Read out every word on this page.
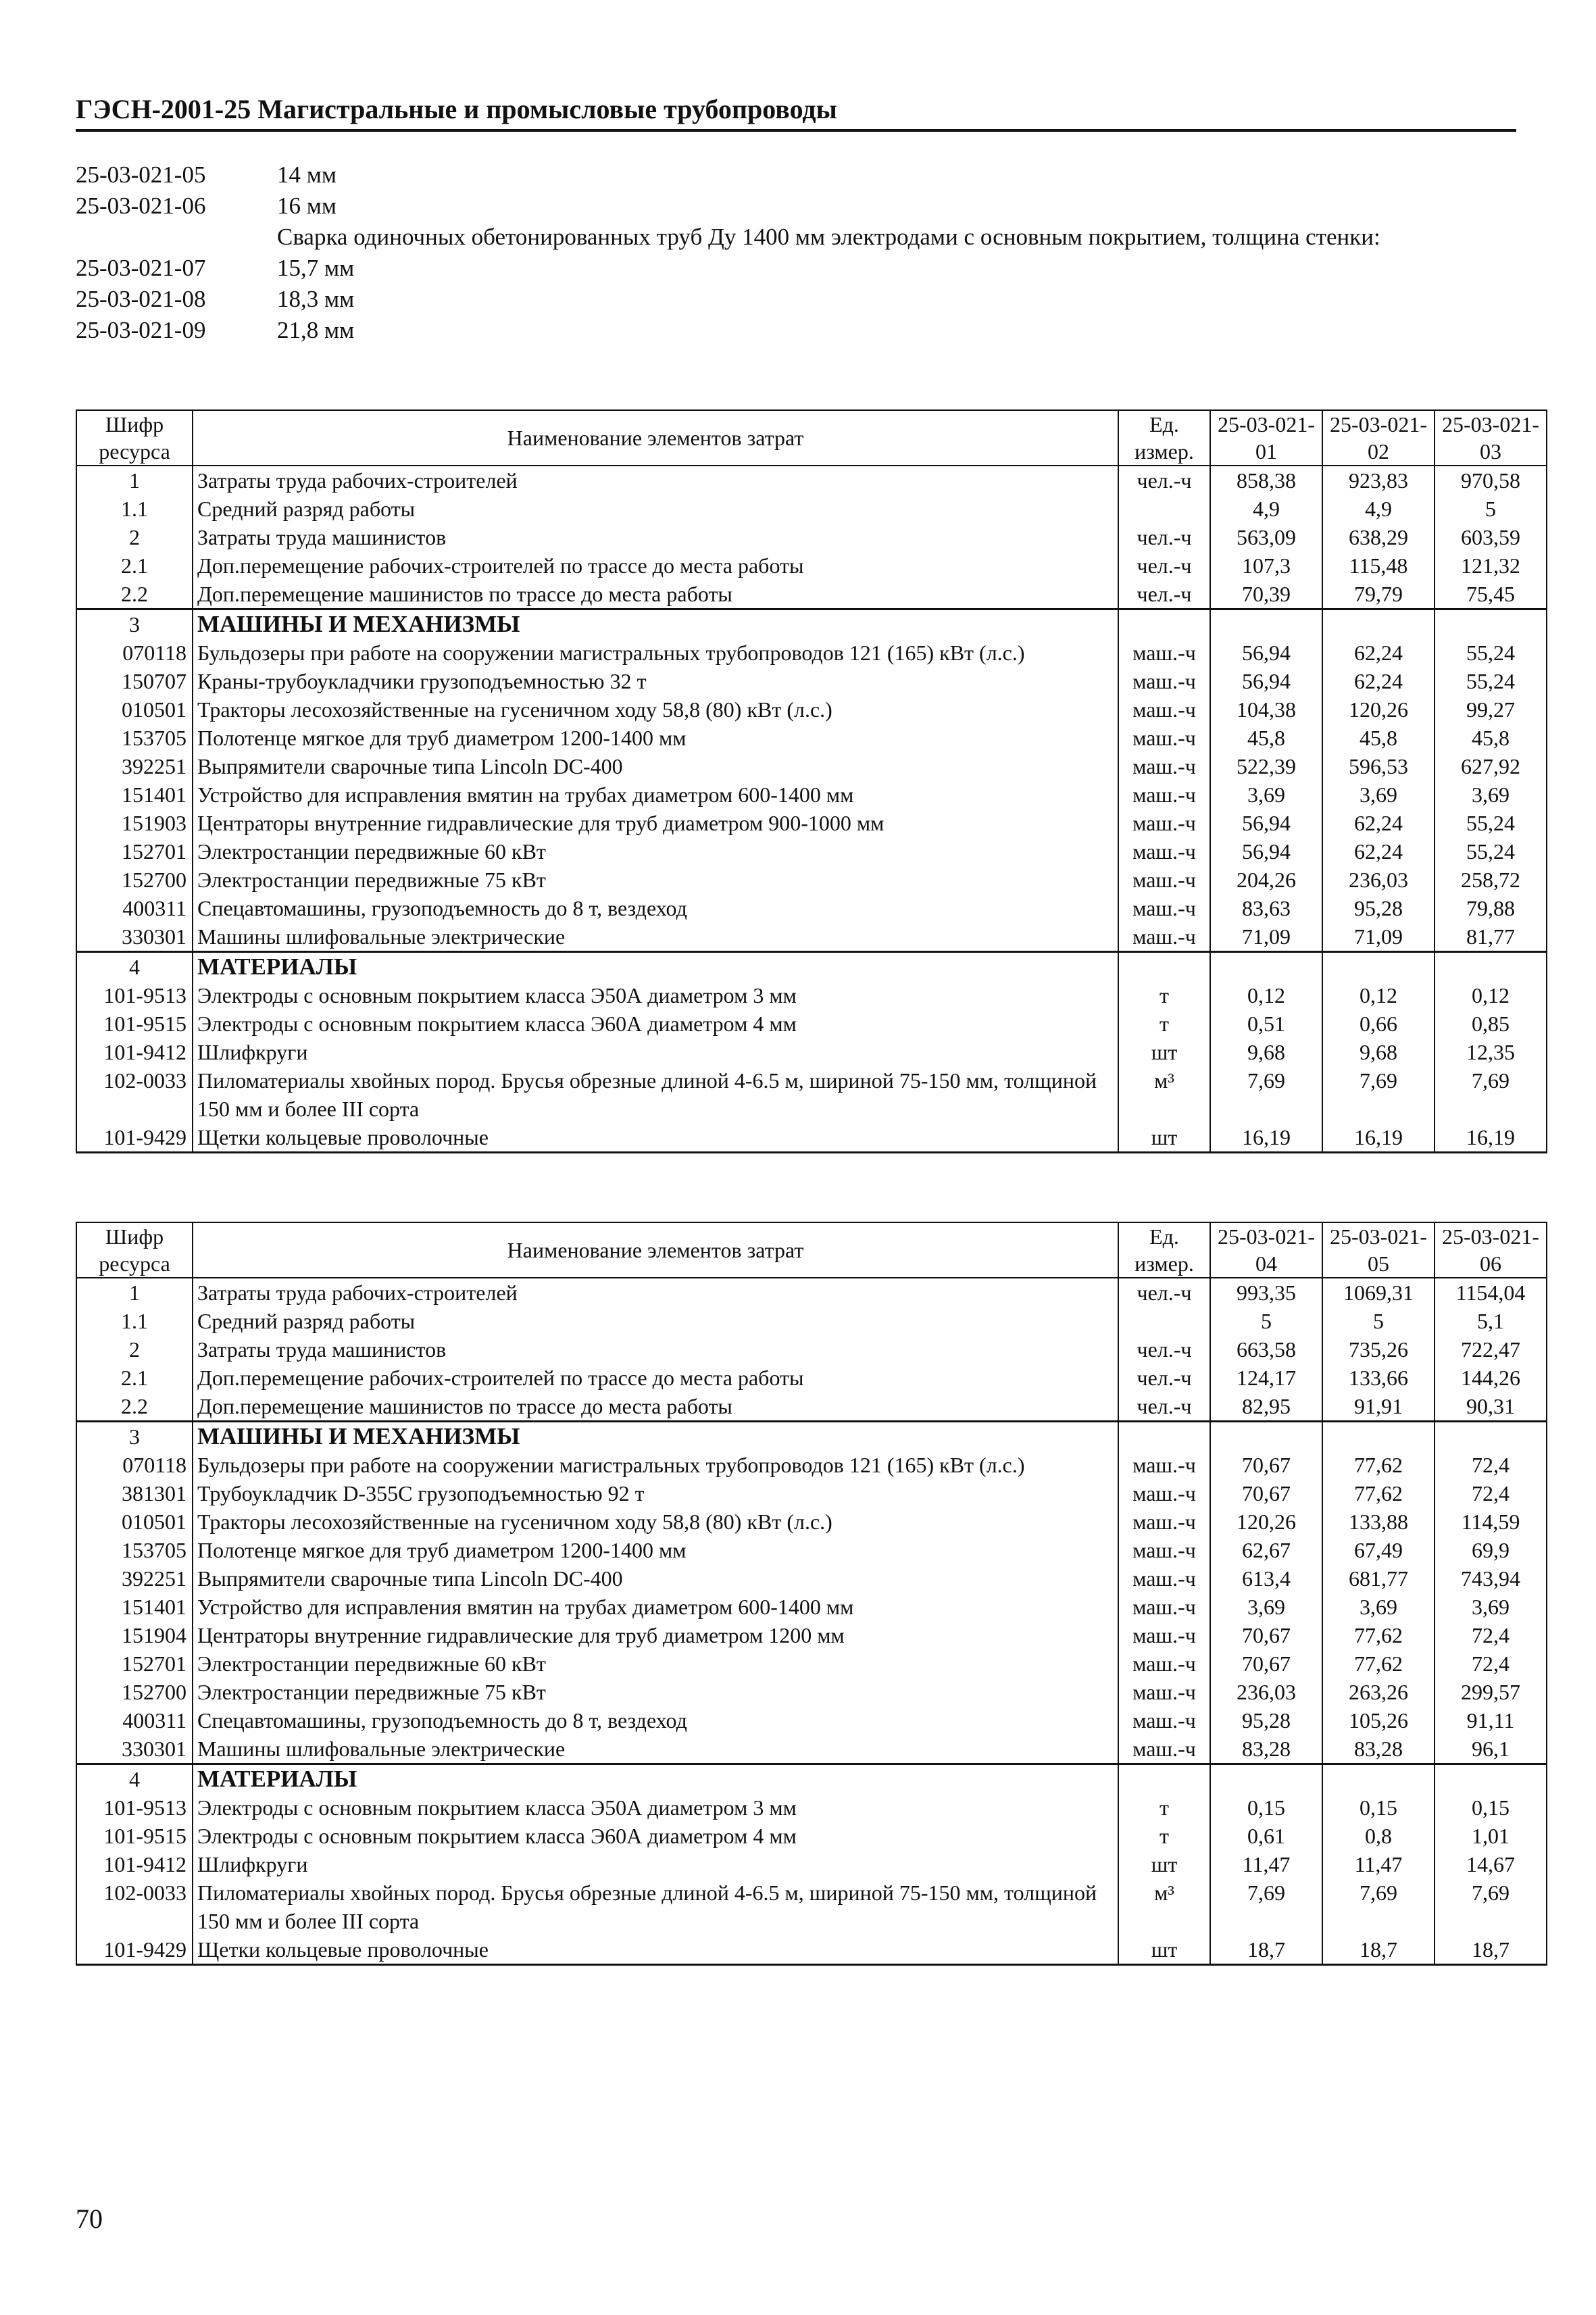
ГЭСН-2001-25 Магистральные и промысловые трубопроводы
25-03-021-05	14 мм
25-03-021-06	16 мм
Сварка одиночных обетонированных труб Ду 1400 мм электродами с основным покрытием, толщина стенки:
25-03-021-07	15,7 мм
25-03-021-08	18,3 мм
25-03-021-09	21,8 мм
Шифр ресурса	Наименование элементов затрат	Ед. измер.	25-03-021-01	25-03-021-02	25-03-021-03
1	Затраты труда рабочих-строителей	чел.-ч	858,38	923,83	970,58
1.1	Средний разряд работы		4,9	4,9	5
2	Затраты труда машинистов	чел.-ч	563,09	638,29	603,59
2.1	Доп.перемещение рабочих-строителей по трассе до места работы	чел.-ч	107,3	115,48	121,32
2.2	Доп.перемещение машинистов по трассе до места работы	чел.-ч	70,39	79,79	75,45
3	МАШИНЫ И МЕХАНИЗМЫ				
070118	Бульдозеры при работе на сооружении магистральных трубопроводов 121 (165) кВт (л.с.)	маш.-ч	56,94	62,24	55,24
150707	Краны-трубоукладчики грузоподъемностью 32 т	маш.-ч	56,94	62,24	55,24
010501	Тракторы лесохозяйственные на гусеничном ходу 58,8 (80) кВт (л.с.)	маш.-ч	104,38	120,26	99,27
153705	Полотенце мягкое для труб диаметром 1200-1400 мм	маш.-ч	45,8	45,8	45,8
392251	Выпрямители сварочные типа Lincoln DC-400	маш.-ч	522,39	596,53	627,92
151401	Устройство для исправления вмятин на трубах диаметром 600-1400 мм	маш.-ч	3,69	3,69	3,69
151903	Центраторы внутренние гидравлические для труб диаметром 900-1000 мм	маш.-ч	56,94	62,24	55,24
152701	Электростанции передвижные 60 кВт	маш.-ч	56,94	62,24	55,24
152700	Электростанции передвижные 75 кВт	маш.-ч	204,26	236,03	258,72
400311	Спецавтомашины, грузоподъемность до 8 т, вездеход	маш.-ч	83,63	95,28	79,88
330301	Машины шлифовальные электрические	маш.-ч	71,09	71,09	81,77
4	МАТЕРИАЛЫ				
101-9513	Электроды с основным покрытием класса Э50А диаметром 3 мм	т	0,12	0,12	0,12
101-9515	Электроды с основным покрытием класса Э60А диаметром 4 мм	т	0,51	0,66	0,85
101-9412	Шлифкруги	шт	9,68	9,68	12,35
102-0033	Пиломатериалы хвойных пород. Брусья обрезные длиной 4-6.5 м, шириной 75-150 мм, толщиной 150 мм и более III сорта	м³	7,69	7,69	7,69
101-9429	Щетки кольцевые проволочные	шт	16,19	16,19	16,19
Шифр ресурса	Наименование элементов затрат	Ед. измер.	25-03-021-04	25-03-021-05	25-03-021-06
1	Затраты труда рабочих-строителей	чел.-ч	993,35	1069,31	1154,04
1.1	Средний разряд работы		5	5	5,1
2	Затраты труда машинистов	чел.-ч	663,58	735,26	722,47
2.1	Доп.перемещение рабочих-строителей по трассе до места работы	чел.-ч	124,17	133,66	144,26
2.2	Доп.перемещение машинистов по трассе до места работы	чел.-ч	82,95	91,91	90,31
3	МАШИНЫ И МЕХАНИЗМЫ				
070118	Бульдозеры при работе на сооружении магистральных трубопроводов 121 (165) кВт (л.с.)	маш.-ч	70,67	77,62	72,4
381301	Трубоукладчик D-355C грузоподъемностью 92 т	маш.-ч	70,67	77,62	72,4
010501	Тракторы лесохозяйственные на гусеничном ходу 58,8 (80) кВт (л.с.)	маш.-ч	120,26	133,88	114,59
153705	Полотенце мягкое для труб диаметром 1200-1400 мм	маш.-ч	62,67	67,49	69,9
392251	Выпрямители сварочные типа Lincoln DC-400	маш.-ч	613,4	681,77	743,94
151401	Устройство для исправления вмятин на трубах диаметром 600-1400 мм	маш.-ч	3,69	3,69	3,69
151904	Центраторы внутренние гидравлические для труб диаметром 1200 мм	маш.-ч	70,67	77,62	72,4
152701	Электростанции передвижные 60 кВт	маш.-ч	70,67	77,62	72,4
152700	Электростанции передвижные 75 кВт	маш.-ч	236,03	263,26	299,57
400311	Спецавтомашины, грузоподъемность до 8 т, вездеход	маш.-ч	95,28	105,26	91,11
330301	Машины шлифовальные электрические	маш.-ч	83,28	83,28	96,1
4	МАТЕРИАЛЫ				
101-9513	Электроды с основным покрытием класса Э50А диаметром 3 мм	т	0,15	0,15	0,15
101-9515	Электроды с основным покрытием класса Э60А диаметром 4 мм	т	0,61	0,8	1,01
101-9412	Шлифкруги	шт	11,47	11,47	14,67
102-0033	Пиломатериалы хвойных пород. Брусья обрезные длиной 4-6.5 м, шириной 75-150 мм, толщиной 150 мм и более III сорта	м³	7,69	7,69	7,69
101-9429	Щетки кольцевые проволочные	шт	18,7	18,7	18,7
70
